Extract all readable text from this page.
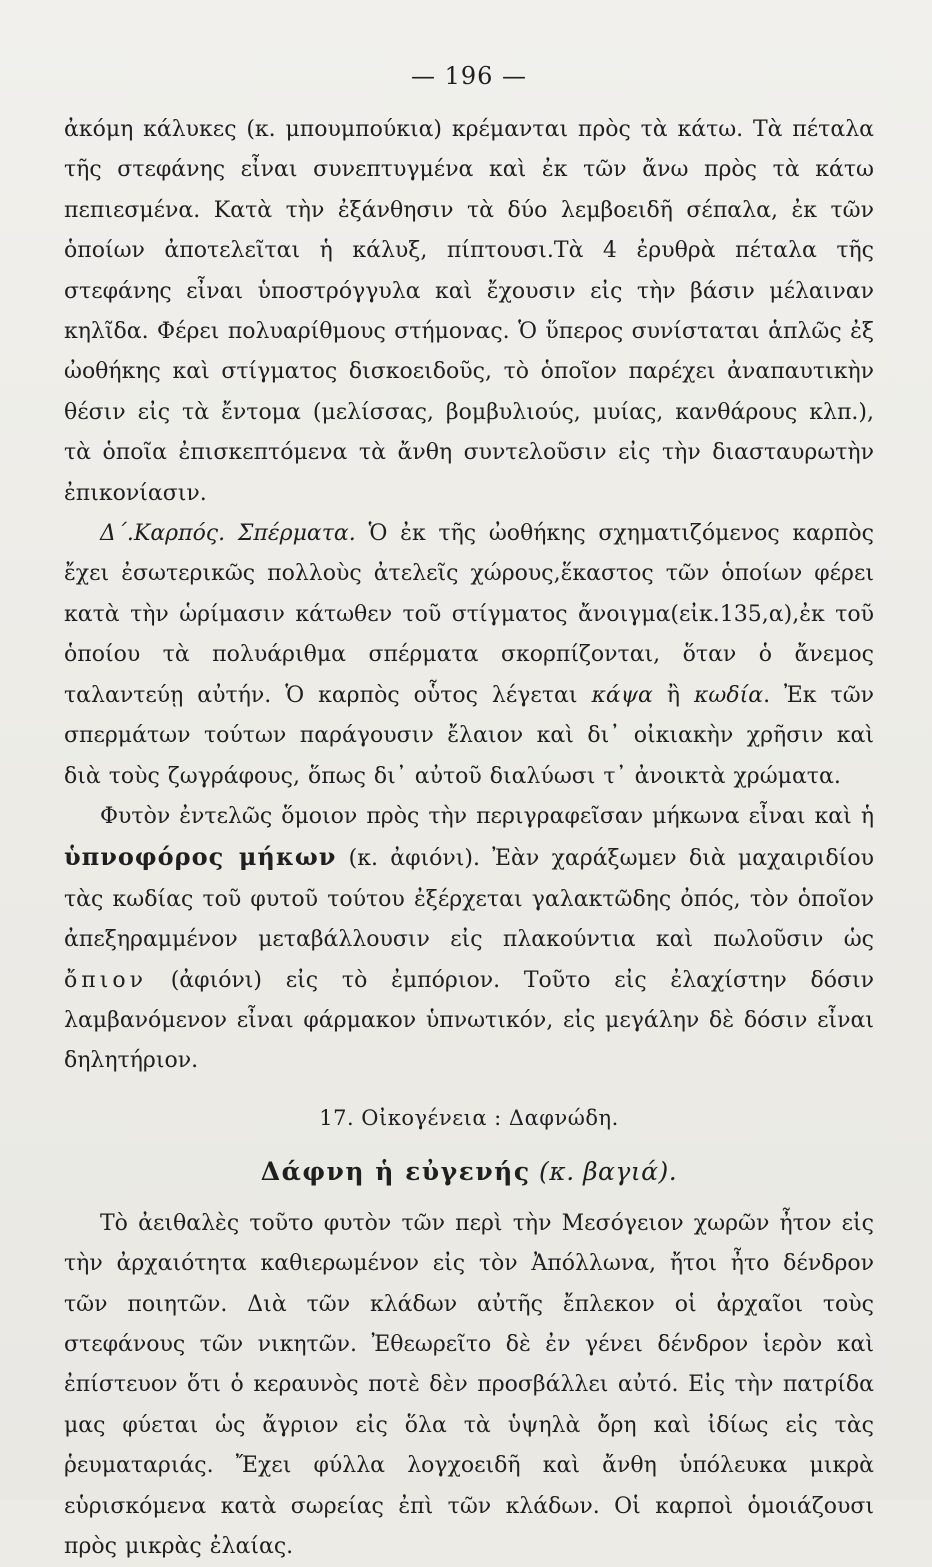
— 196 —

ἀκόμη κάλυκες (κ. μπουμπούκια) κρέμανται πρὸς τὰ κάτω. Τὰ πέταλα τῆς στεφάνης εἶναι συνεπτυγμένα καὶ ἐκ τῶν ἄνω πρὸς τὰ κάτω πεπιεσμένα. Κατὰ τὴν ἐξάνθησιν τὰ δύο λεμβοειδῆ σέπαλα, ἐκ τῶν ὁποίων ἀποτελεῖται ἡ κάλυξ, πίπτουσι.Τὰ 4 ἐρυθρὰ πέταλα τῆς στεφάνης εἶναι ὑποστρόγγυλα καὶ ἔχουσιν εἰς τὴν βάσιν μέλαιναν κηλῖδα. Φέρει πολυαρίθμους στήμονας. Ὁ ὕπερος συνίσταται ἁπλῶς ἐξ ὠοθήκης καὶ στίγματος δισκοειδοῦς, τὸ ὁποῖον παρέχει ἀναπαυτικὴν θέσιν εἰς τὰ ἔντομα (μελίσσας, βομβυλιούς, μυίας, κανθάρους κλπ.), τὰ ὁποῖα ἐπισκεπτόμενα τὰ ἄνθη συντελοῦσιν εἰς τὴν διασταυρωτὴν ἐπικονίασιν.

Δ΄.Καρπός. Σπέρματα. Ὁ ἐκ τῆς ὠοθήκης σχηματιζόμενος καρπὸς ἔχει ἐσωτερικῶς πολλοὺς ἀτελεῖς χώρους,ἕκαστος τῶν ὁποίων φέρει κατὰ τὴν ὡρίμασιν κάτωθεν τοῦ στίγματος ἄνοιγμα(εἰκ.135,α),ἐκ τοῦ ὁποίου τὰ πολυάριθμα σπέρματα σκορπίζονται, ὅταν ὁ ἄνεμος ταλαντεύῃ αὐτήν. Ὁ καρπὸς οὗτος λέγεται κάψα ἢ κωδία. Ἐκ τῶν σπερμάτων τούτων παράγουσιν ἔλαιον καὶ δι᾽ οἰκιακὴν χρῆσιν καὶ διὰ τοὺς ζωγράφους, ὅπως δι᾽ αὐτοῦ διαλύωσι τ᾽ ἀνοικτὰ χρώματα.

Φυτὸν ἐντελῶς ὅμοιον πρὸς τὴν περιγραφεῖσαν μήκωνα εἶναι καὶ ἡ ὑπνοφόρος μήκων (κ. ἀφιόνι). Ἐὰν χαράξωμεν διὰ μαχαιριδίου τὰς κωδίας τοῦ φυτοῦ τούτου ἐξέρχεται γαλακτῶδης ὀπός, τὸν ὁποῖον ἀπεξηραμμένον μεταβάλλουσιν εἰς πλακούντια καὶ πωλοῦσιν ὡς ὄπιον (ἀφιόνι) εἰς τὸ ἐμπόριον. Τοῦτο εἰς ἐλαχίστην δόσιν λαμβανόμενον εἶναι φάρμακον ὑπνωτικόν, εἰς μεγάλην δὲ δόσιν εἶναι δηλητήριον.

17. Οἰκογένεια : Δαφνώδη.
Δάφνη ἡ εὐγενής (κ. βαγιά).

Τὸ ἀειθαλὲς τοῦτο φυτὸν τῶν περὶ τὴν Μεσόγειον χωρῶν ἦτον εἰς τὴν ἀρχαιότητα καθιερωμένον εἰς τὸν Ἀπόλλωνα, ἤτοι ἦτο δένδρον τῶν ποιητῶν. Διὰ τῶν κλάδων αὐτῆς ἔπλεκον οἱ ἀρχαῖοι τοὺς στεφάνους τῶν νικητῶν. Ἐθεωρεῖτο δὲ ἐν γένει δένδρον ἱερὸν καὶ ἐπίστευον ὅτι ὁ κεραυνὸς ποτὲ δὲν προσβάλλει αὐτό. Εἰς τὴν πατρίδα μας φύεται ὡς ἄγριον εἰς ὅλα τὰ ὑψηλὰ ὄρη καὶ ἰδίως εἰς τὰς ῥευματαριάς. Ἔχει φύλλα λογχοειδῆ καὶ ἄνθη ὑπόλευκα μικρὰ εὑρισκόμενα κατὰ σωρείας ἐπὶ τῶν κλάδων. Οἱ καρποὶ ὁμοιάζουσι πρὸς μικρὰς ἐλαίας.
